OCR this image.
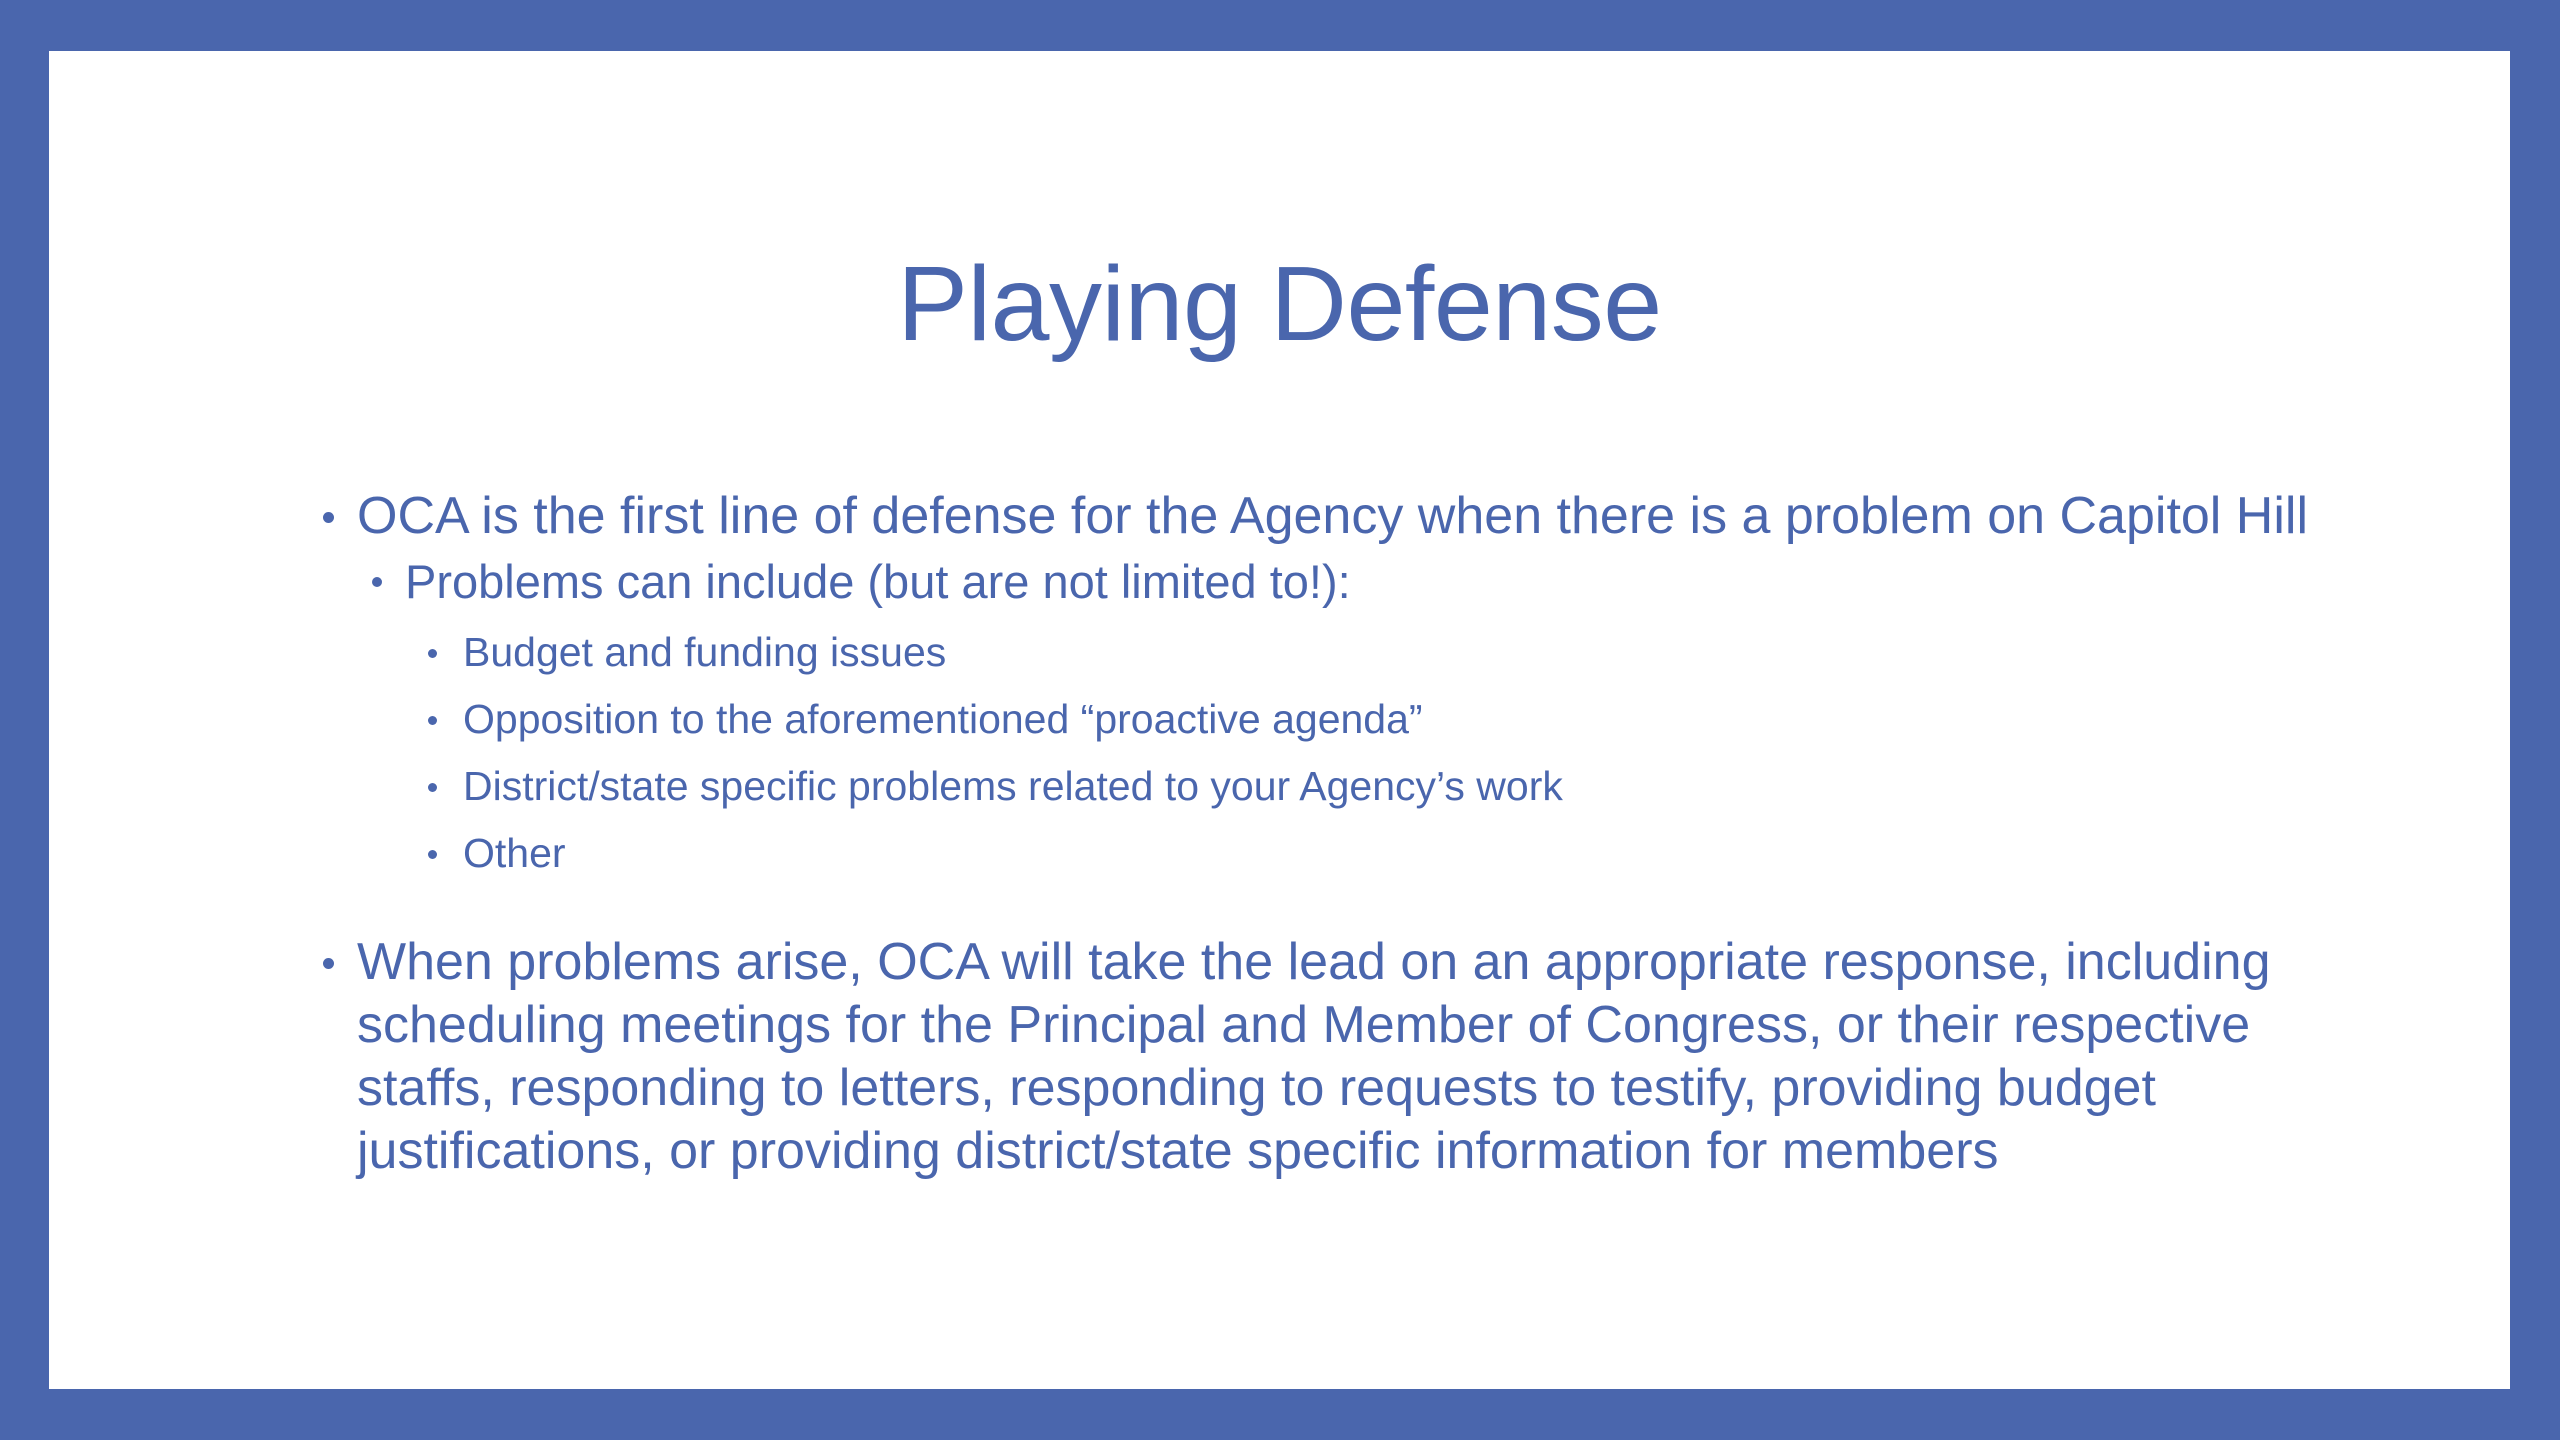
Playing Defense
OCA is the first line of defense for the Agency when there is a problem on Capitol Hill
Problems can include (but are not limited to!):
Budget and funding issues
Opposition to the aforementioned “proactive agenda”
District/state specific problems related to your Agency’s work
Other
When problems arise, OCA will take the lead on an appropriate response, including scheduling meetings for the Principal and Member of Congress, or their respective staffs, responding to letters, responding to requests to testify, providing budget justifications, or providing district/state specific information for members
